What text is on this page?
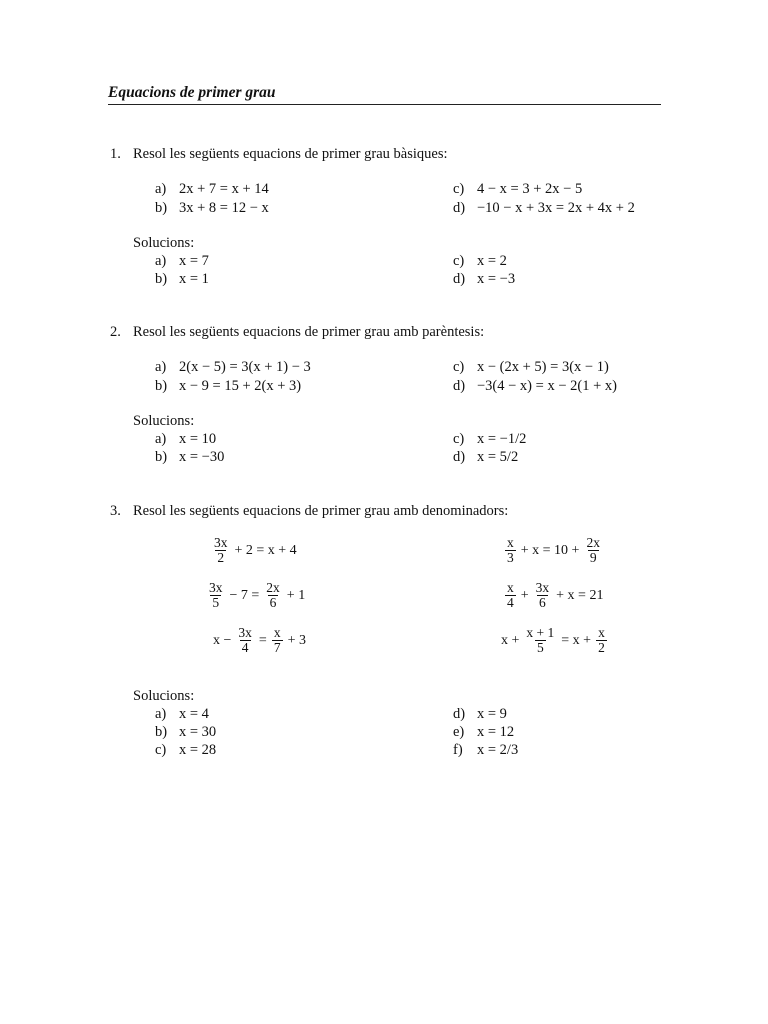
Equacions de primer grau
1. Resol les següents equacions de primer grau bàsiques:
a) 2x + 7 = x + 14
b) 3x + 8 = 12 − x
c) 4 − x = 3 + 2x − 5
d) −10 − x + 3x = 2x + 4x + 2
Solucions:
a) x = 7
b) x = 1
c) x = 2
d) x = −3
2. Resol les següents equacions de primer grau amb parèntesis:
a) 2(x − 5) = 3(x + 1) − 3
b) x − 9 = 15 + 2(x + 3)
c) x − (2x + 5) = 3(x − 1)
d) −3(4 − x) = x − 2(1 + x)
Solucions:
a) x = 10
b) x = −30
c) x = −1/2
d) x = 5/2
3. Resol les següents equacions de primer grau amb denominadors:
$\frac{3x}{2} + 2 = x + 4$
$\frac{3x}{5} - 7 = \frac{2x}{6} + 1$
$x - \frac{3x}{4} = \frac{x}{7} + 3$
$\frac{x}{3} + x = 10 + \frac{2x}{9}$
$\frac{x}{4} + \frac{3x}{6} + x = 21$
$x + \frac{x + 1}{5} = x + \frac{x}{2}$
Solucions:
a) x = 4
b) x = 30
c) x = 28
d) x = 9
e) x = 12
f) x = 2/3
